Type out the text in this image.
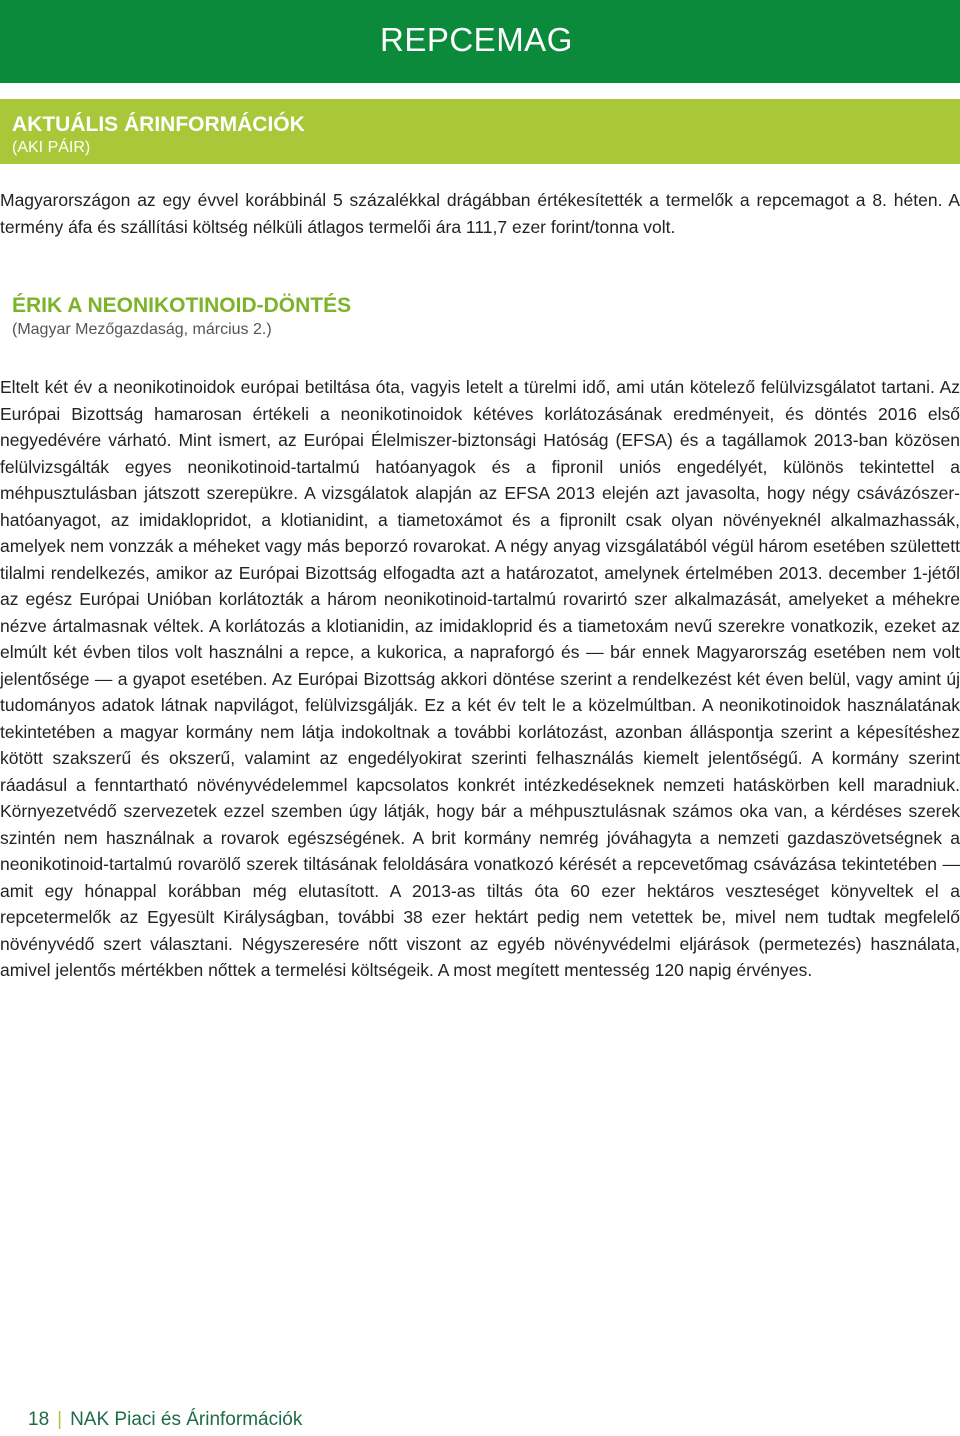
REPCEMAG
AKTUÁLIS ÁRINFORMÁCIÓK
(AKI PÁIR)
Magyarországon az egy évvel korábbinál 5 százalékkal drágábban értékesítették a termelők a repcemagot a 8. héten. A termény áfa és szállítási költség nélküli átlagos termelői ára 111,7 ezer forint/tonna volt.
ÉRIK A NEONIKOTINOID-DÖNTÉS
(Magyar Mezőgazdaság, március 2.)
Eltelt két év a neonikotinoidok európai betiltása óta, vagyis letelt a türelmi idő, ami után kötelező felülvizsgálatot tartani. Az Európai Bizottság hamarosan értékeli a neonikotinoidok kétéves korlátozásának eredményeit, és döntés 2016 első negyedévére várható. Mint ismert, az Európai Élelmiszer-biztonsági Hatóság (EFSA) és a tagállamok 2013-ban közösen felülvizsgálták egyes neonikotinoid-tartalmú hatóanyagok és a fipronil uniós engedélyét, különös tekintettel a méhpusztulásban játszott szerepükre. A vizsgálatok alapján az EFSA 2013 elején azt javasolta, hogy négy csávázószer-hatóanyagot, az imidaklopridot, a klotianidint, a tiametoxámot és a fipronilt csak olyan növényeknél alkalmazhassák, amelyek nem vonzzák a méheket vagy más beporzó rovarokat. A négy anyag vizsgálatából végül három esetében születtett tilalmi rendelkezés, amikor az Európai Bizottság elfogadta azt a határozatot, amelynek értelmében 2013. december 1-jétől az egész Európai Unióban korlátozták a három neonikotinoid-tartalmú rovarirtó szer alkalmazását, amelyeket a méhekre nézve ártalmasnak véltek. A korlátozás a klotianidin, az imidakloprid és a tiametoxám nevű szerekre vonatkozik, ezeket az elmúlt két évben tilos volt használni a repce, a kukorica, a napraforgó és — bár ennek Magyarország esetében nem volt jelentősége — a gyapot esetében. Az Európai Bizottság akkori döntése szerint a rendelkezést két éven belül, vagy amint új tudományos adatok látnak napvilágot, felülvizsgálják. Ez a két év telt le a közelmúltban. A neonikotinoidok használatának tekintetében a magyar kormány nem látja indokoltnak a további korlátozást, azonban álláspontja szerint a képesítéshez kötött szakszerű és okszerű, valamint az engedélyokirat szerinti felhasználás kiemelt jelentőségű. A kormány szerint ráadásul a fenntartható növényvédelemmel kapcsolatos konkrét intézkedéseknek nemzeti hatáskörben kell maradniuk. Környezetvédő szervezetek ezzel szemben úgy látják, hogy bár a méhpusztulásnak számos oka van, a kérdéses szerek szintén nem használnak a rovarok egészségének. A brit kormány nemrég jóváhagyta a nemzeti gazdaszövetségnek a neonikotinoid-tartalmú rovarölő szerek tiltásának feloldására vonatkozó kérését a repcevetőmag csávázása tekintetében — amit egy hónappal korábban még elutasított. A 2013-as tiltás óta 60 ezer hektáros veszteséget könyveltek el a repcetermelők az Egyesült Királyságban, további 38 ezer hektárt pedig nem vetettek be, mivel nem tudtak megfelelő növényvédő szert választani. Négyszeresére nőtt viszont az egyéb növényvédelmi eljárások (permetezés) használata, amivel jelentős mértékben nőttek a termelési költségeik. A most megített mentesség 120 napig érvényes.
18 | NAK Piaci és Árinformációk
